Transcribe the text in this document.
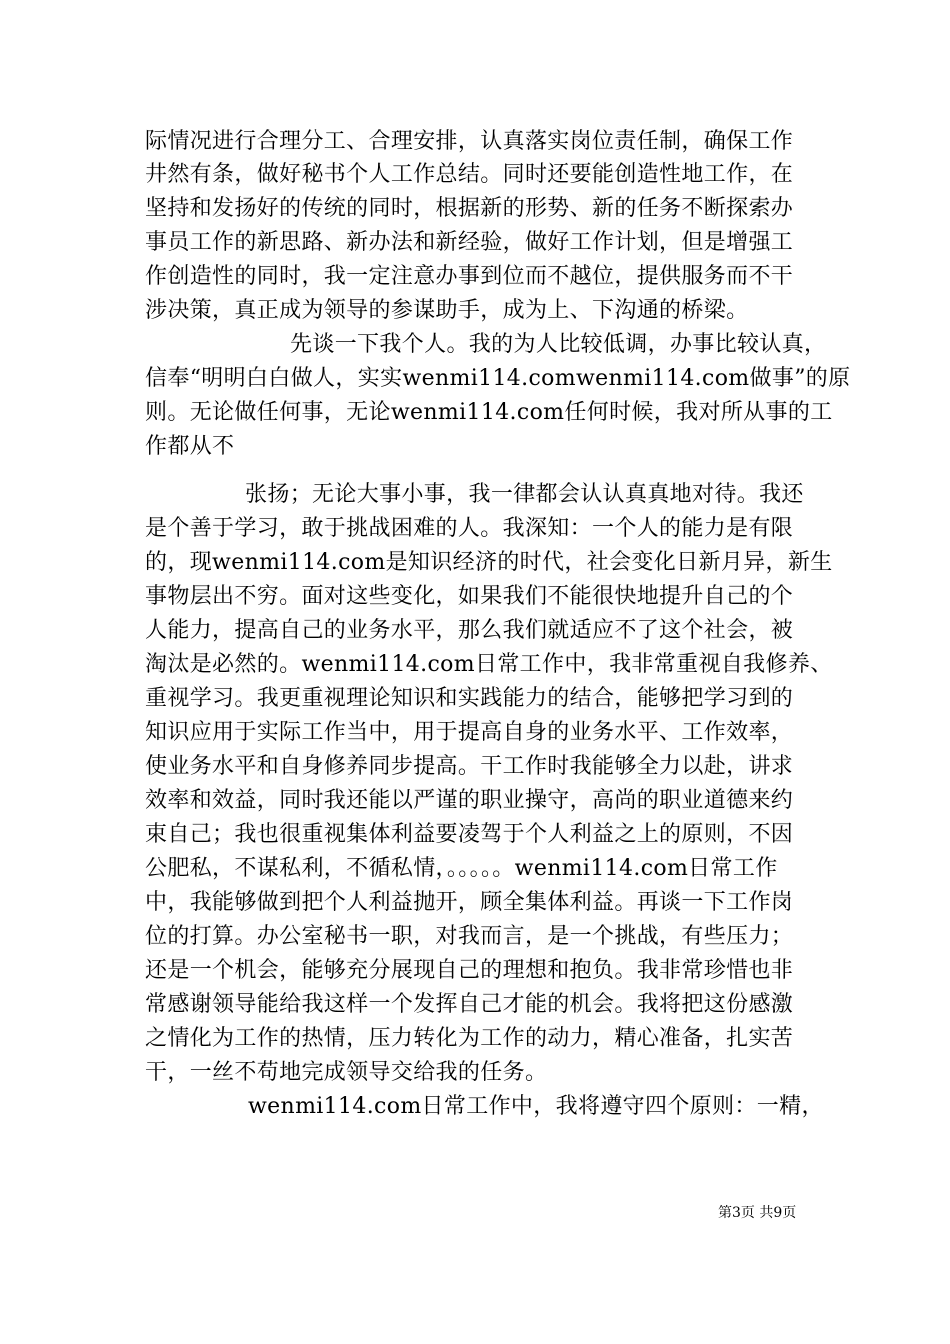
际情况进行合理分工、合理安排，认真落实岗位责任制，确保工作
井然有条，做好秘书个人工作总结。同时还要能创造性地工作，在
坚持和发扬好的传统的同时，根据新的形势、新的任务不断探索办
事员工作的新思路、新办法和新经验，做好工作计划，但是增强工
作创造性的同时，我一定注意办事到位而不越位，提供服务而不干
涉决策，真正成为领导的参谋助手，成为上、下沟通的桥梁。
先谈一下我个人。我的为人比较低调，办事比较认真，
信奉“明明白白做人，实实wenmi114.comwenmi114.com做事”的原
则。无论做任何事，无论wenmi114.com任何时候，我对所从事的工
作都从不
张扬；无论大事小事，我一律都会认认真真地对待。我还
是个善于学习，敢于挑战困难的人。我深知：一个人的能力是有限
的，现wenmi114.com是知识经济的时代，社会变化日新月异，新生
事物层出不穷。面对这些变化，如果我们不能很快地提升自己的个
人能力，提高自己的业务水平，那么我们就适应不了这个社会，被
淘汰是必然的。wenmi114.com日常工作中，我非常重视自我修养、
重视学习。我更重视理论知识和实践能力的结合，能够把学习到的
知识应用于实际工作当中，用于提高自身的业务水平、工作效率，
使业务水平和自身修养同步提高。干工作时我能够全力以赴，讲求
效率和效益，同时我还能以严谨的职业操守，高尚的职业道德来约
束自己；我也很重视集体利益要凌驾于个人利益之上的原则，不因
公肥私，不谋私利，不循私情，。。。。。wenmi114.com日常工作
中，我能够做到把个人利益抛开，顾全集体利益。再谈一下工作岗
位的打算。办公室秘书一职，对我而言，是一个挑战，有些压力；
还是一个机会，能够充分展现自己的理想和抱负。我非常珍惜也非
常感谢领导能给我这样一个发挥自己才能的机会。我将把这份感激
之情化为工作的热情，压力转化为工作的动力，精心准备，扎实苦
干，一丝不苟地完成领导交给我的任务。
wenmi114.com日常工作中，我将遵守四个原则：一精，
第3页 共9页
